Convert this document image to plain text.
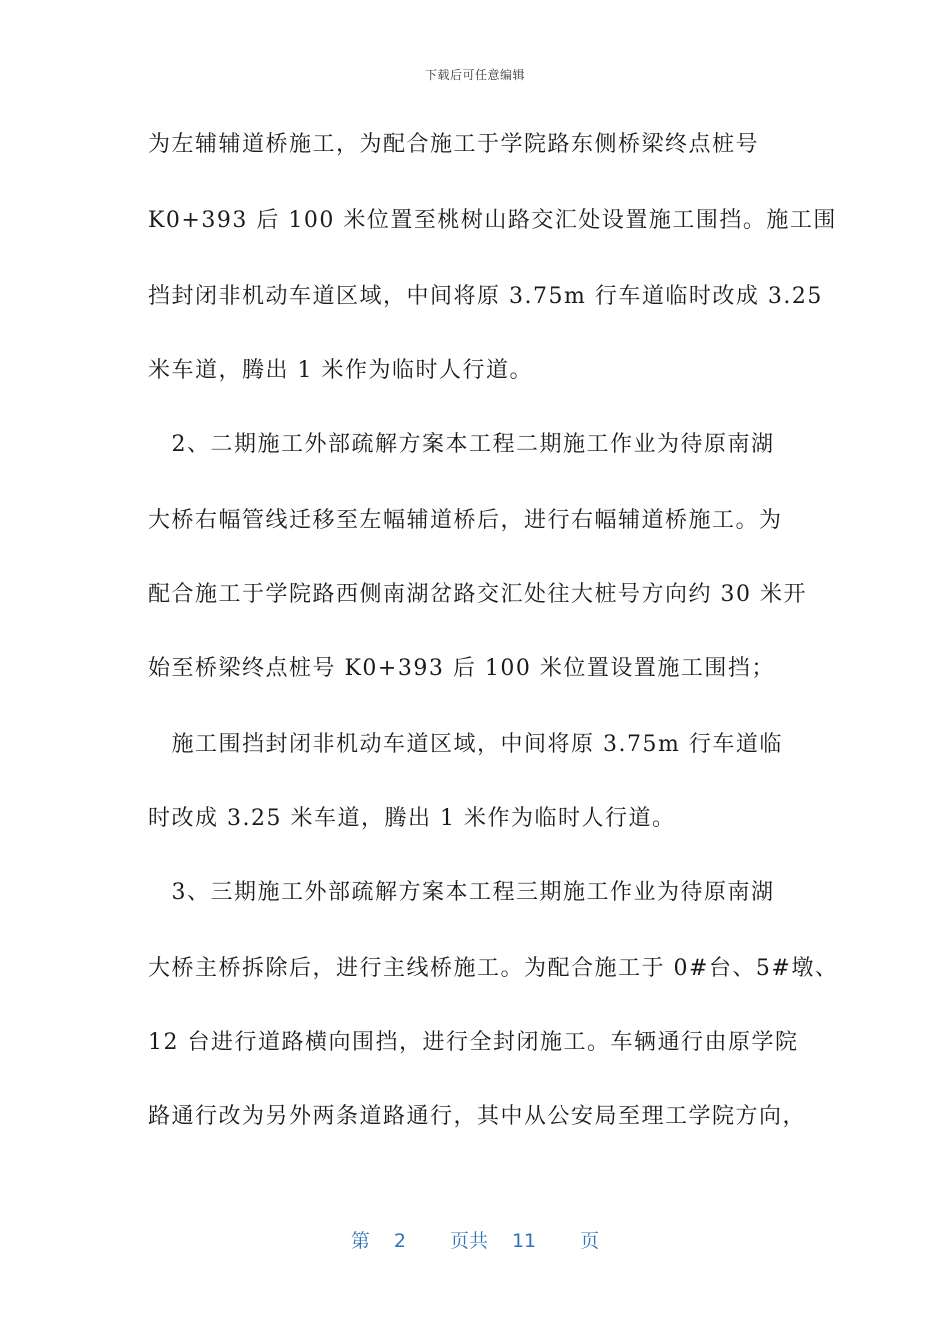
下载后可任意编辑
为左辅辅道桥施工，为配合施工于学院路东侧桥梁终点桩号
K0+393 后 100 米位置至桃树山路交汇处设置施工围挡。施工围
挡封闭非机动车道区域，中间将原 3.75m 行车道临时改成 3.25
米车道，腾出 1 米作为临时人行道。
　2、二期施工外部疏解方案本工程二期施工作业为待原南湖
大桥右幅管线迁移至左幅辅道桥后，进行右幅辅道桥施工。为
配合施工于学院路西侧南湖岔路交汇处往大桩号方向约 30 米开
始至桥梁终点桩号 K0+393 后 100 米位置设置施工围挡；
　施工围挡封闭非机动车道区域，中间将原 3.75m 行车道临
时改成 3.25 米车道，腾出 1 米作为临时人行道。
　3、三期施工外部疏解方案本工程三期施工作业为待原南湖
大桥主桥拆除后，进行主线桥施工。为配合施工于 0#台、5#墩、
12 台进行道路横向围挡，进行全封闭施工。车辆通行由原学院
路通行改为另外两条道路通行，其中从公安局至理工学院方向，
第 2 页共 11 页
